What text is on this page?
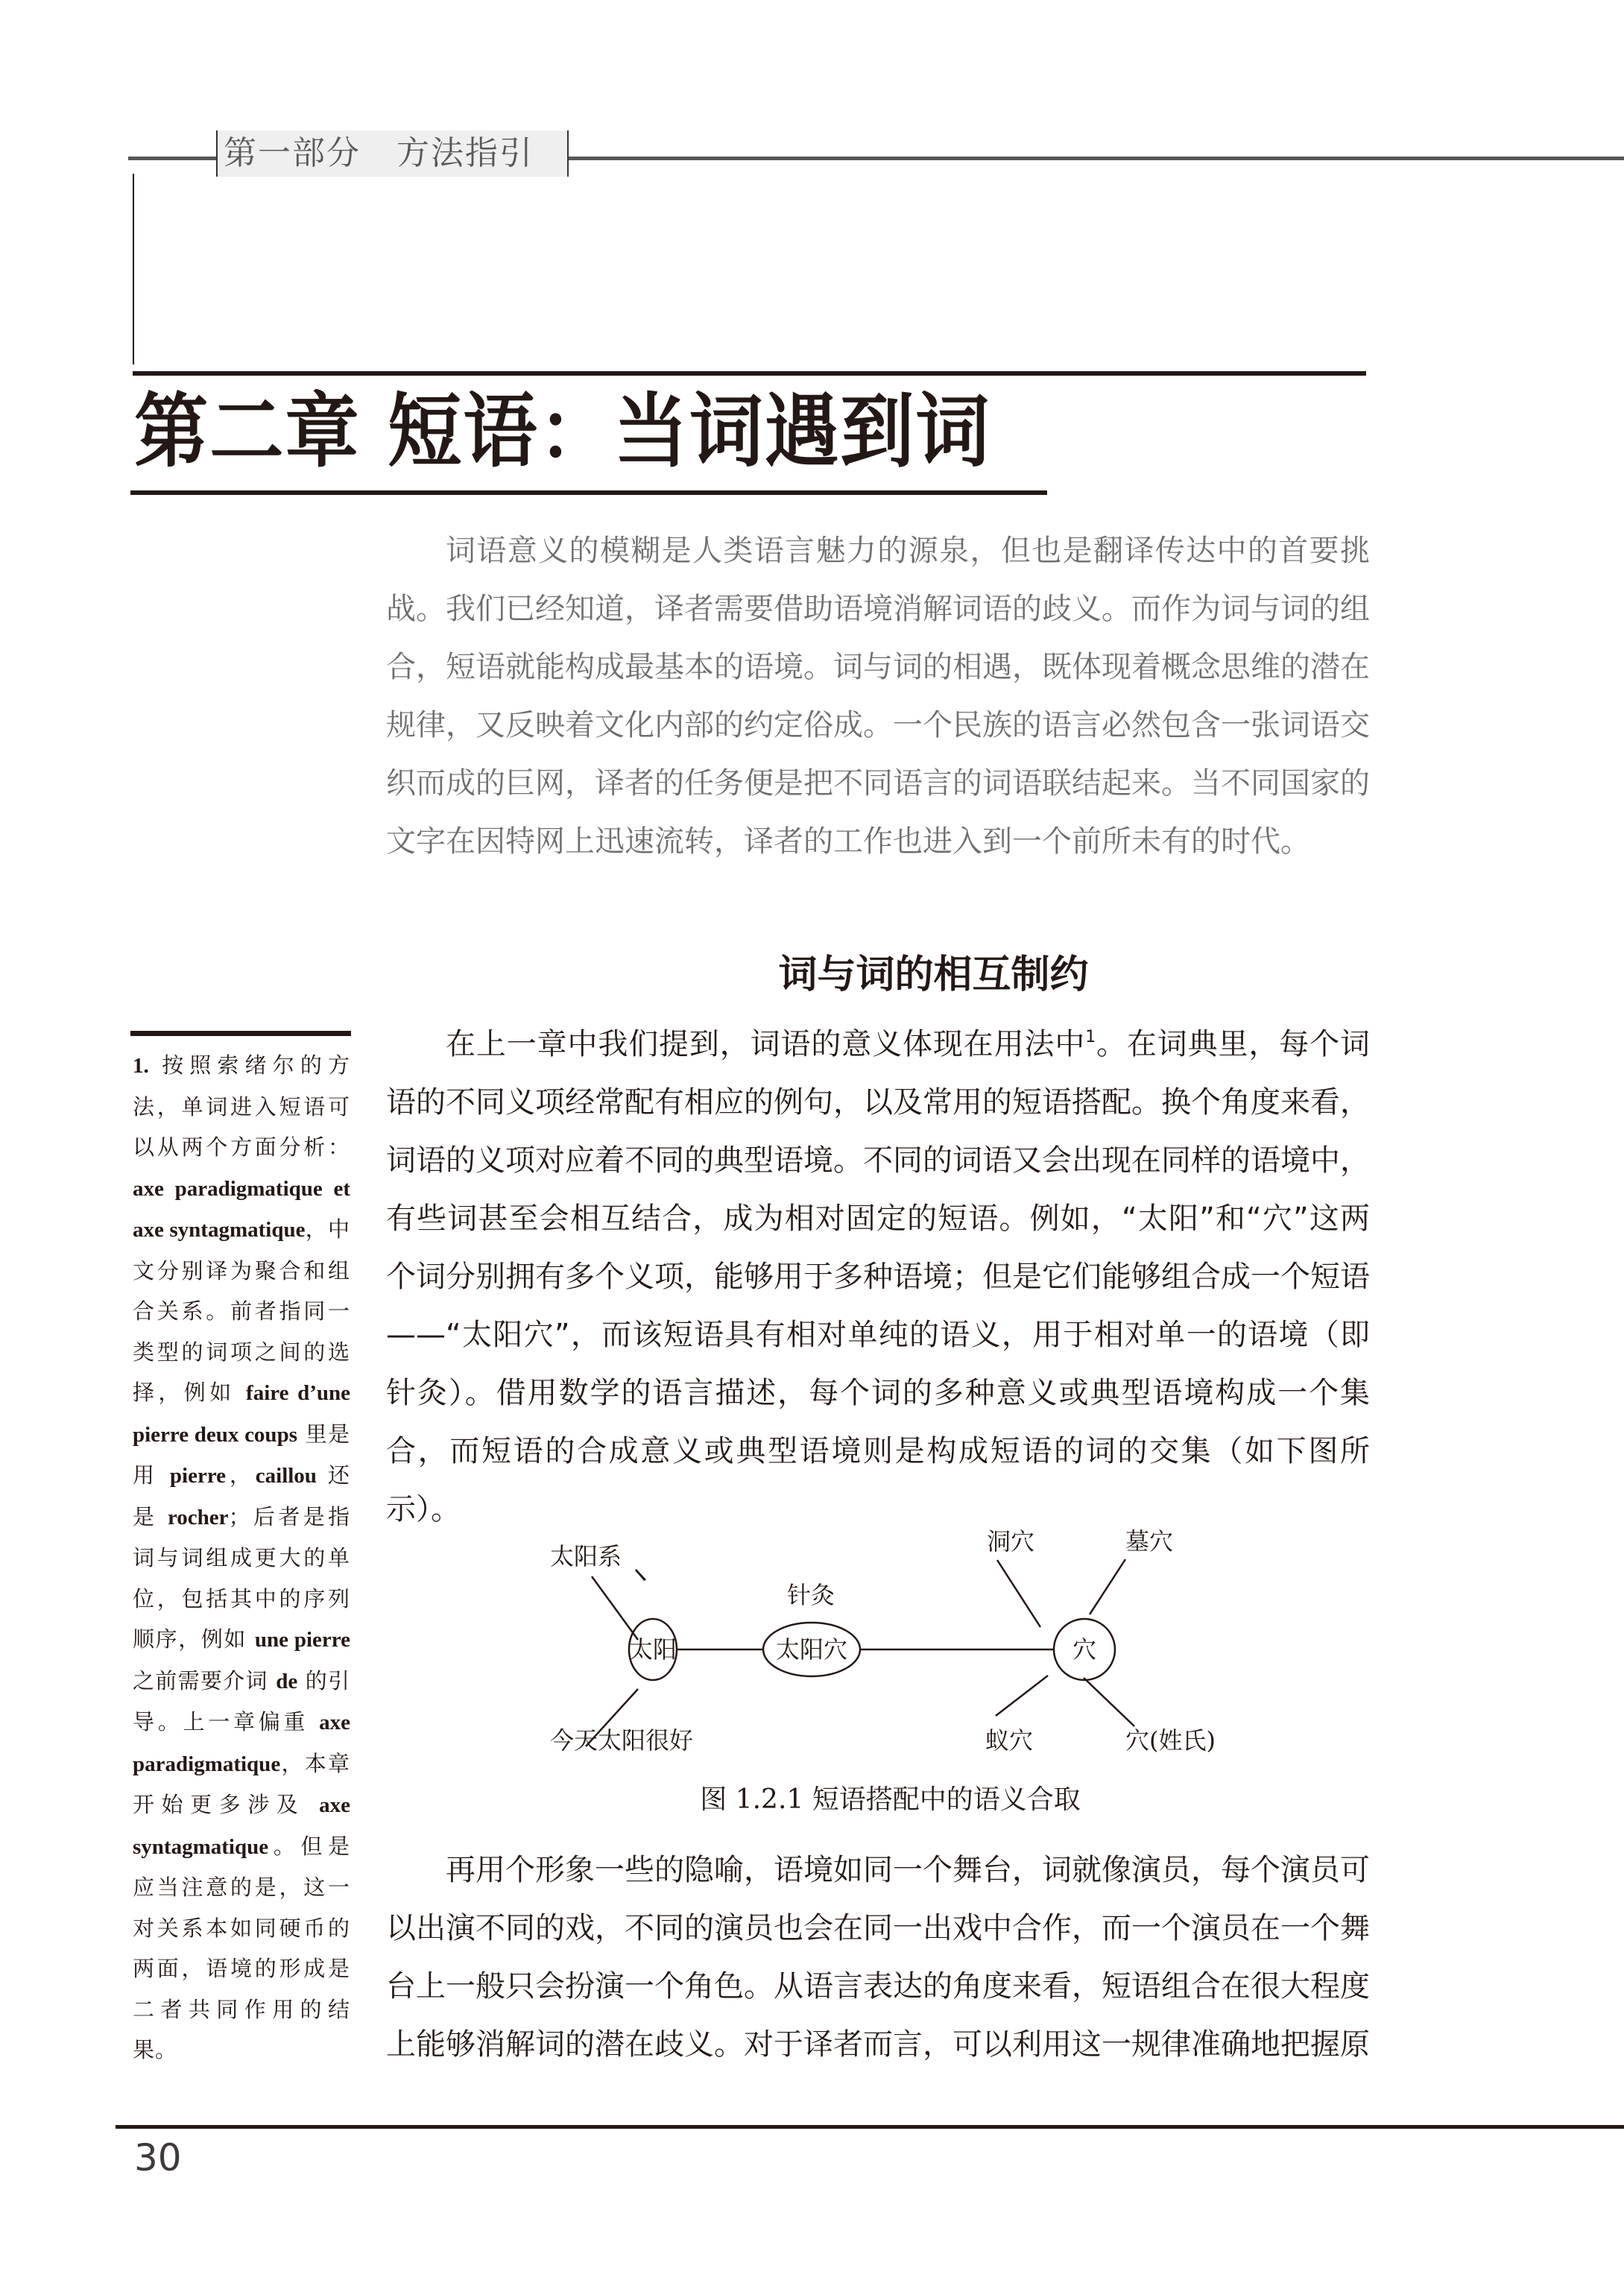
第一部分 方法指引
第二章 短语：当词遇到词

词语意义的模糊是人类语言魅力的源泉，但也是翻译传达中的首要挑战。我们已经知道，译者需要借助语境消解词语的歧义。而作为词与词的组合，短语就能构成最基本的语境。词与词的相遇，既体现着概念思维的潜在规律，又反映着文化内部的约定俗成。一个民族的语言必然包含一张词语交织而成的巨网，译者的任务便是把不同语言的词语联结起来。当不同国家的文字在因特网上迅速流转，译者的工作也进入到一个前所未有的时代。

词与词的相互制约

在上一章中我们提到，词语的意义体现在用法中$^1$。在词典里，每个词语的不同义项经常配有相应的例句，以及常用的短语搭配。换个角度来看，词语的义项对应着不同的典型语境。不同的词语又会出现在同样的语境中，有些词甚至会相互结合，成为相对固定的短语。例如，“太阳”和“穴”这两个词分别拥有多个义项，能够用于多种语境；但是它们能够组合成一个短语——“太阳穴”，而该短语具有相对单纯的语义，用于相对单一的语境（即针灸）。借用数学的语言描述，每个词的多种意义或典型语境构成一个集合，而短语的合成意义或典型语境则是构成短语的词的交集（如下图所示）。

1. 按照索绪尔的方法，单词进入短语可以从两个方面分析：axe paradigmatique et axe syntagmatique，中文分别译为聚合和组合关系。前者指同一类型的词项之间的选择，例如 faire d’une pierre deux coups 里是用 pierre，caillou 还是 rocher；后者是指词与词组成更大的单位，包括其中的序列顺序，例如 une pierre 之前需要介词 de 的引导。上一章偏重 axe paradigmatique，本章开始更多涉及 axe syntagmatique。但是应当注意的是，这一对关系本如同硬币的两面，语境的形成是二者共同作用的结果。
太阳	太阳穴	穴
针灸
太阳系
今天太阳很好
洞穴	墓穴
蚁穴	穴(姓氏)
图 1.2.1 短语搭配中的语义合取

再用个形象一些的隐喻，语境如同一个舞台，词就像演员，每个演员可以出演不同的戏，不同的演员也会在同一出戏中合作，而一个演员在一个舞台上一般只会扮演一个角色。从语言表达的角度来看，短语组合在很大程度上能够消解词的潜在歧义。对于译者而言，可以利用这一规律准确地把握原

30
